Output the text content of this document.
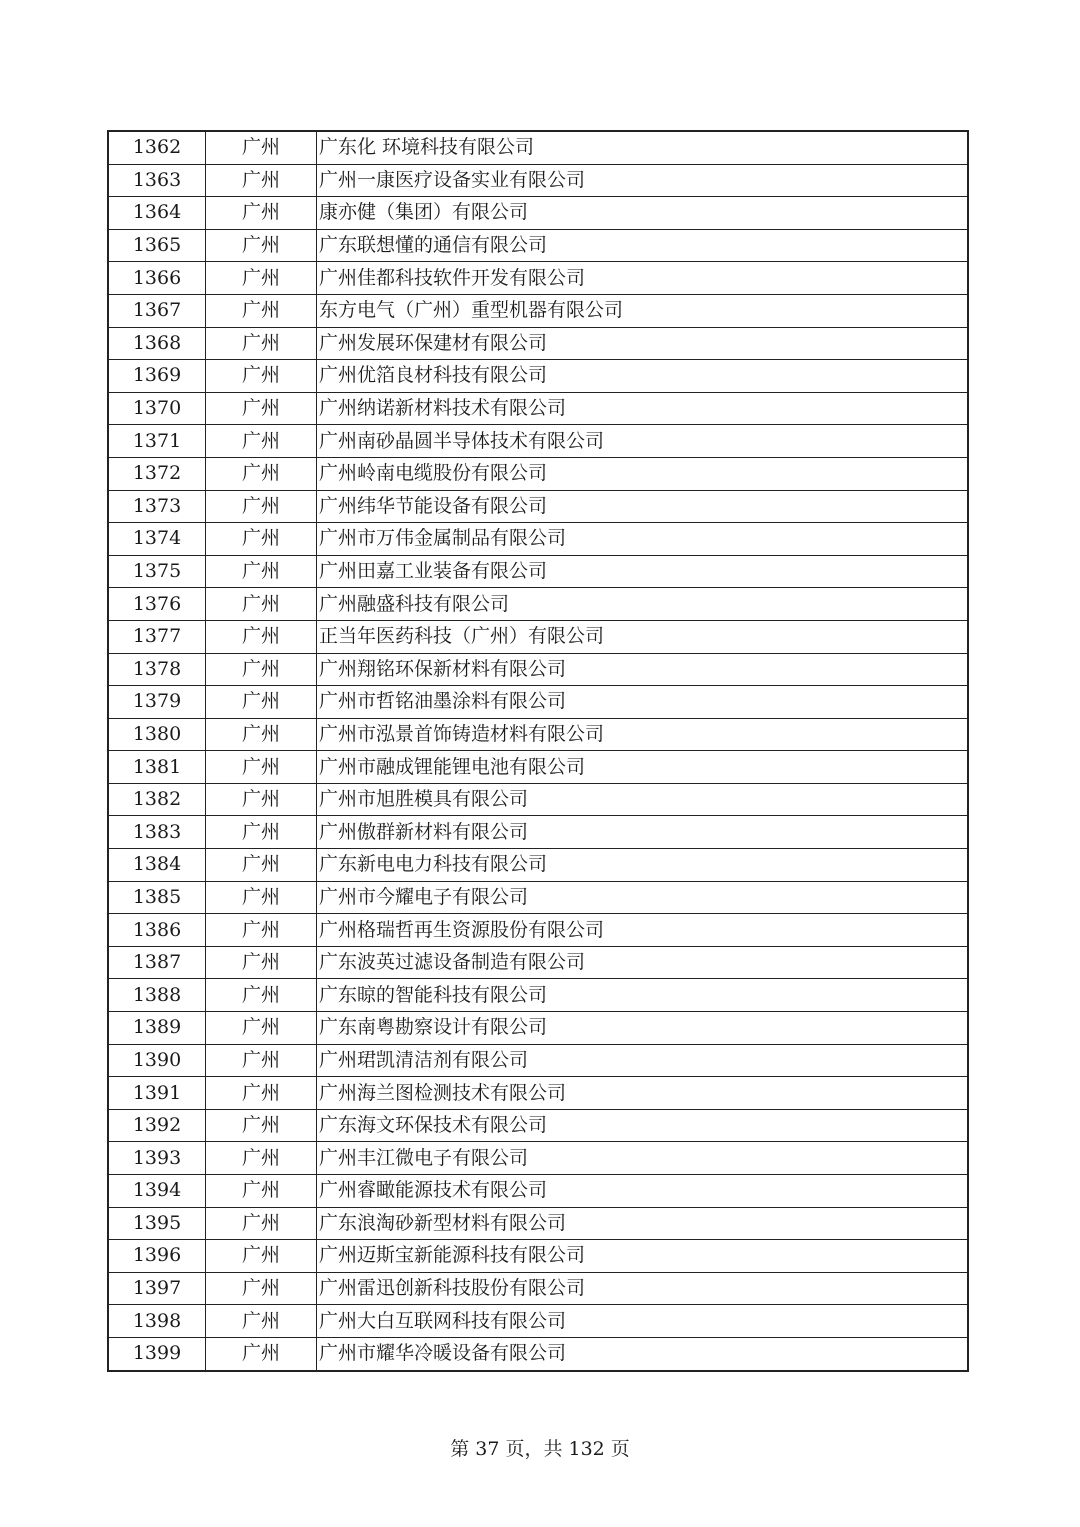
1362	广州	广东化 环境科技有限公司
1363	广州	广州一康医疗设备实业有限公司
1364	广州	康亦健（集团）有限公司
1365	广州	广东联想懂的通信有限公司
1366	广州	广州佳都科技软件开发有限公司
1367	广州	东方电气（广州）重型机器有限公司
1368	广州	广州发展环保建材有限公司
1369	广州	广州优箔良材科技有限公司
1370	广州	广州纳诺新材料技术有限公司
1371	广州	广州南砂晶圆半导体技术有限公司
1372	广州	广州岭南电缆股份有限公司
1373	广州	广州纬华节能设备有限公司
1374	广州	广州市万伟金属制品有限公司
1375	广州	广州田嘉工业装备有限公司
1376	广州	广州融盛科技有限公司
1377	广州	正当年医药科技（广州）有限公司
1378	广州	广州翔铭环保新材料有限公司
1379	广州	广州市哲铭油墨涂料有限公司
1380	广州	广州市泓景首饰铸造材料有限公司
1381	广州	广州市融成锂能锂电池有限公司
1382	广州	广州市旭胜模具有限公司
1383	广州	广州傲群新材料有限公司
1384	广州	广东新电电力科技有限公司
1385	广州	广州市今耀电子有限公司
1386	广州	广州格瑞哲再生资源股份有限公司
1387	广州	广东波英过滤设备制造有限公司
1388	广州	广东晾的智能科技有限公司
1389	广州	广东南粤勘察设计有限公司
1390	广州	广州珺凯清洁剂有限公司
1391	广州	广州海兰图检测技术有限公司
1392	广州	广东海文环保技术有限公司
1393	广州	广州丰江微电子有限公司
1394	广州	广州睿瞰能源技术有限公司
1395	广州	广东浪淘砂新型材料有限公司
1396	广州	广州迈斯宝新能源科技有限公司
1397	广州	广州雷迅创新科技股份有限公司
1398	广州	广州大白互联网科技有限公司
1399	广州	广州市耀华冷暖设备有限公司
第 37 页，共 132 页
